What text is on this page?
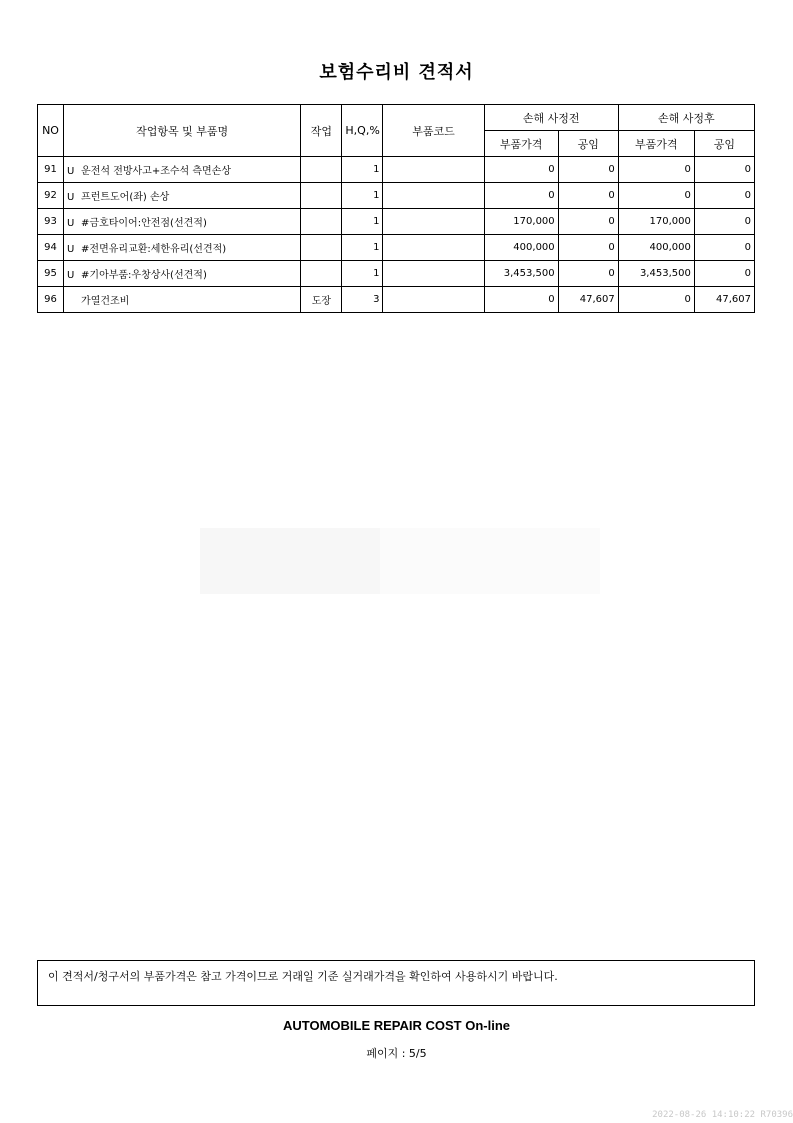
보험수리비 견적서
NO	작업항목 및 부품명	작업	H,Q,%	부품코드	손해 사정전		손해 사정후	
					부품가격	공임	부품가격	공임
91	U 운전석 전방사고+조수석 측면손상		1		0	0	0	0
92	U 프런트도어(좌) 손상		1		0	0	0	0
93	U #금호타이어:안전점(선견적)		1		170,000	0	170,000	0
94	U #전면유리교환:세한유리(선견적)		1		400,000	0	400,000	0
95	U #기아부품:우창상사(선견적)		1		3,453,500	0	3,453,500	0
96	가열건조비	도장	3		0	47,607	0	47,607
이 견적서/청구서의 부품가격은 참고 가격이므로 거래일 기준 실거래가격을 확인하여 사용하시기 바랍니다.
AUTOMOBILE REPAIR COST On-line
페이지 : 5/5
2022-08-26 14:10:22 R70396
